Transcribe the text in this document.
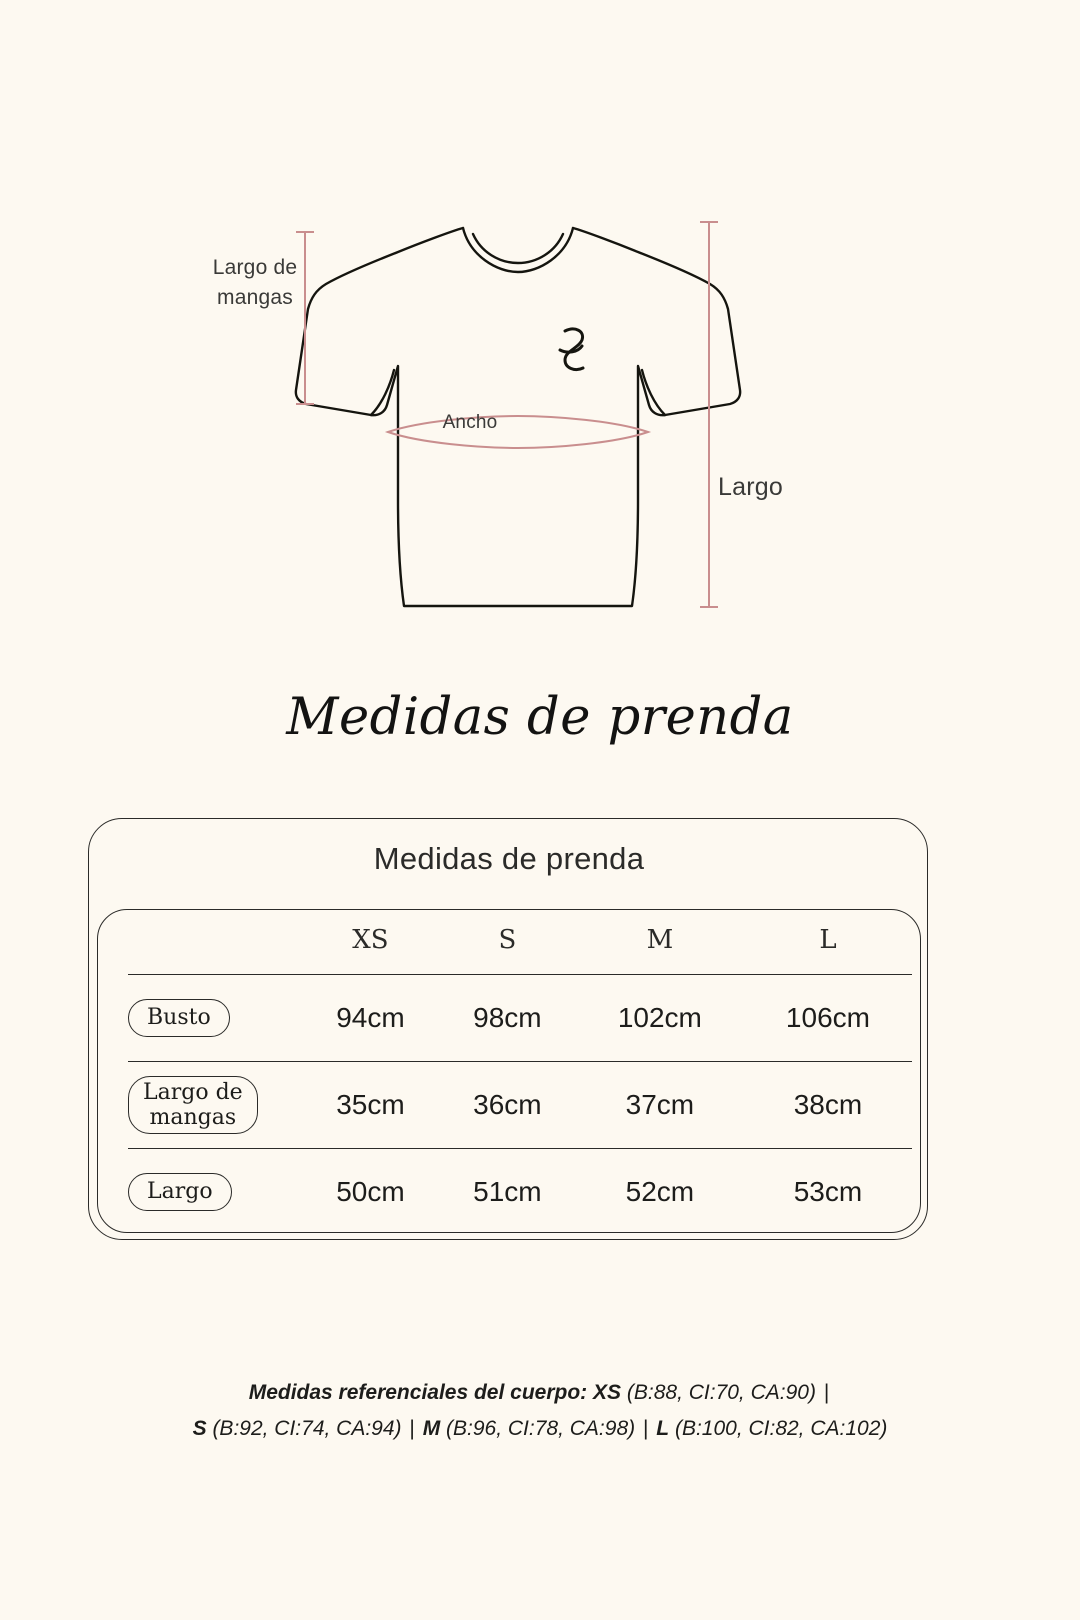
Largo de mangas
Ancho
Largo
Medidas de prenda
Medidas de prenda
	XS	S	M	L
Busto	94cm	98cm	102cm	106cm
Largo de
mangas	35cm	36cm	37cm	38cm
Largo	50cm	51cm	52cm	53cm
Medidas referenciales del cuerpo: XS (B:88, CI:70, CA:90) |
S (B:92, CI:74, CA:94) | M (B:96, CI:78, CA:98) | L (B:100, CI:82, CA:102)
